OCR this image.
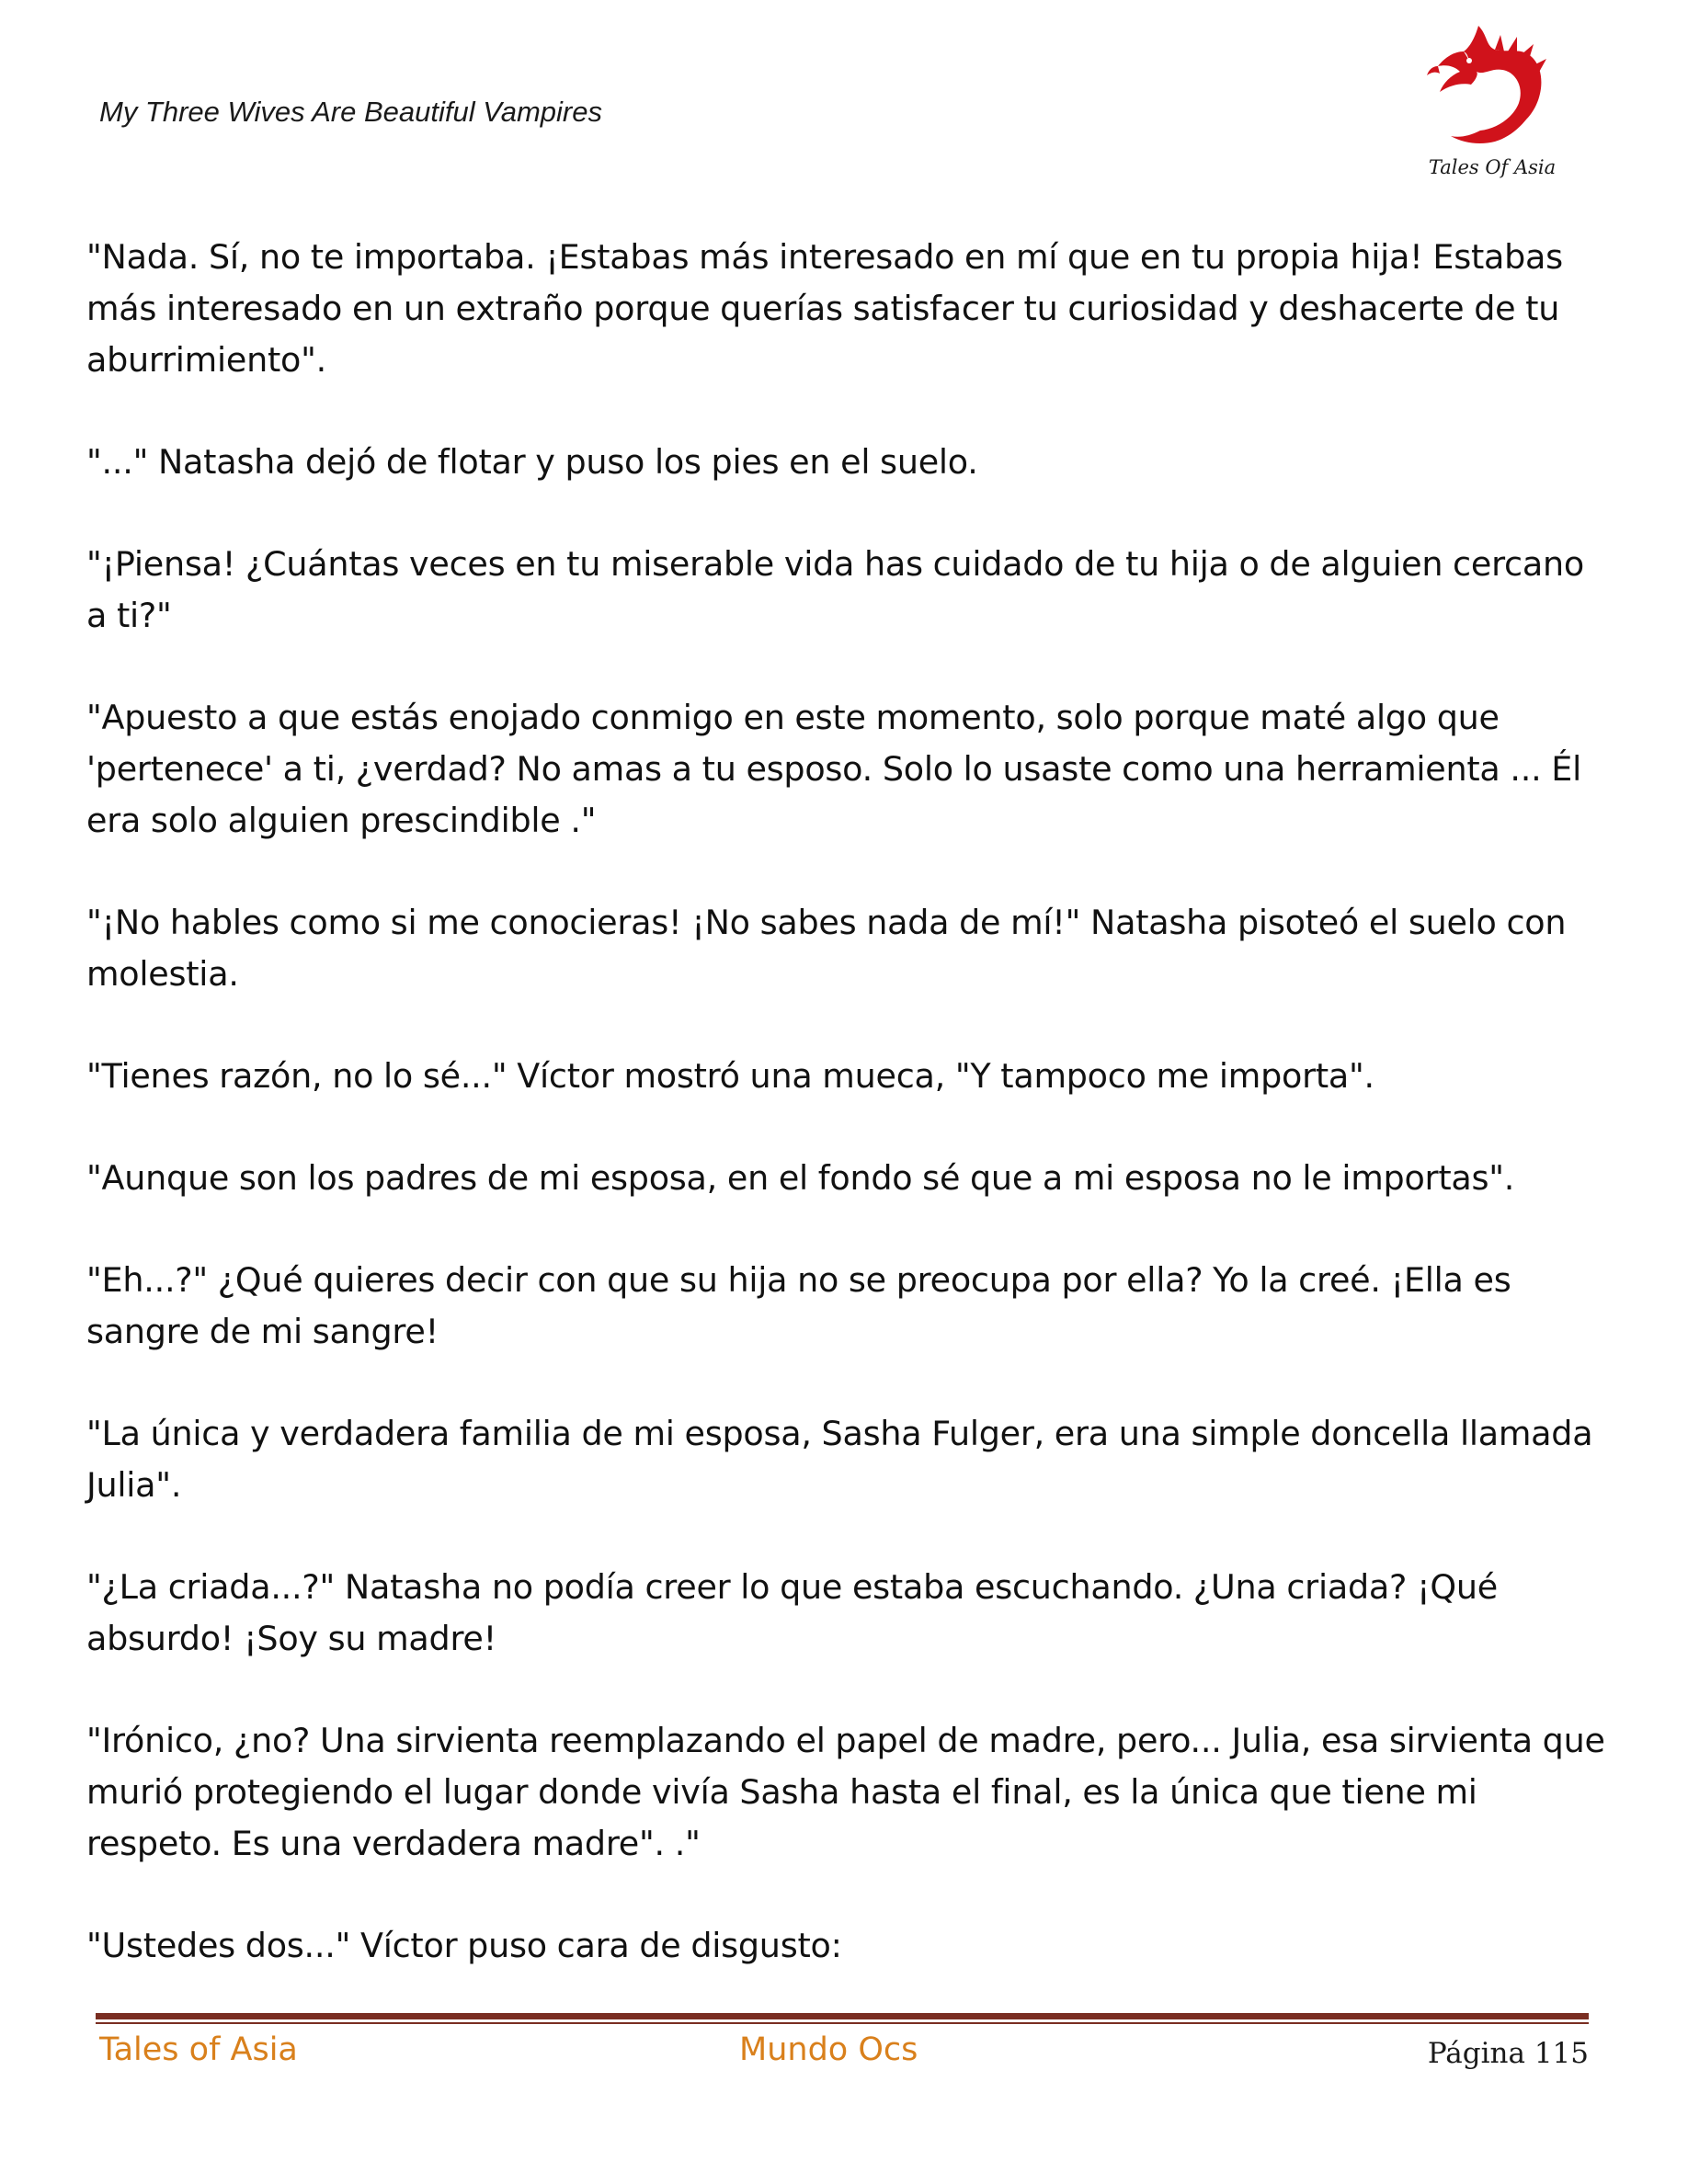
My Three Wives Are Beautiful Vampires
Tales Of Asia

"Nada. Sí, no te importaba. ¡Estabas más interesado en mí que en tu propia hija! Estabas más interesado en un extraño porque querías satisfacer tu curiosidad y deshacerte de tu aburrimiento".

"..." Natasha dejó de flotar y puso los pies en el suelo.

"¡Piensa! ¿Cuántas veces en tu miserable vida has cuidado de tu hija o de alguien cercano a ti?"

"Apuesto a que estás enojado conmigo en este momento, solo porque maté algo que 'pertenece' a ti, ¿verdad? No amas a tu esposo. Solo lo usaste como una herramienta ... Él era solo alguien prescindible ."

"¡No hables como si me conocieras! ¡No sabes nada de mí!" Natasha pisoteó el suelo con molestia.

"Tienes razón, no lo sé..." Víctor mostró una mueca, "Y tampoco me importa".

"Aunque son los padres de mi esposa, en el fondo sé que a mi esposa no le importas".

"Eh...?" ¿Qué quieres decir con que su hija no se preocupa por ella? Yo la creé. ¡Ella es sangre de mi sangre!

"La única y verdadera familia de mi esposa, Sasha Fulger, era una simple doncella llamada Julia".

"¿La criada...?" Natasha no podía creer lo que estaba escuchando. ¿Una criada? ¡Qué absurdo! ¡Soy su madre!

"Irónico, ¿no? Una sirvienta reemplazando el papel de madre, pero... Julia, esa sirvienta que murió protegiendo el lugar donde vivía Sasha hasta el final, es la única que tiene mi respeto. Es una verdadera madre". ."

"Ustedes dos..." Víctor puso cara de disgusto:

Tales of Asia	Mundo Ocs	Página 115
